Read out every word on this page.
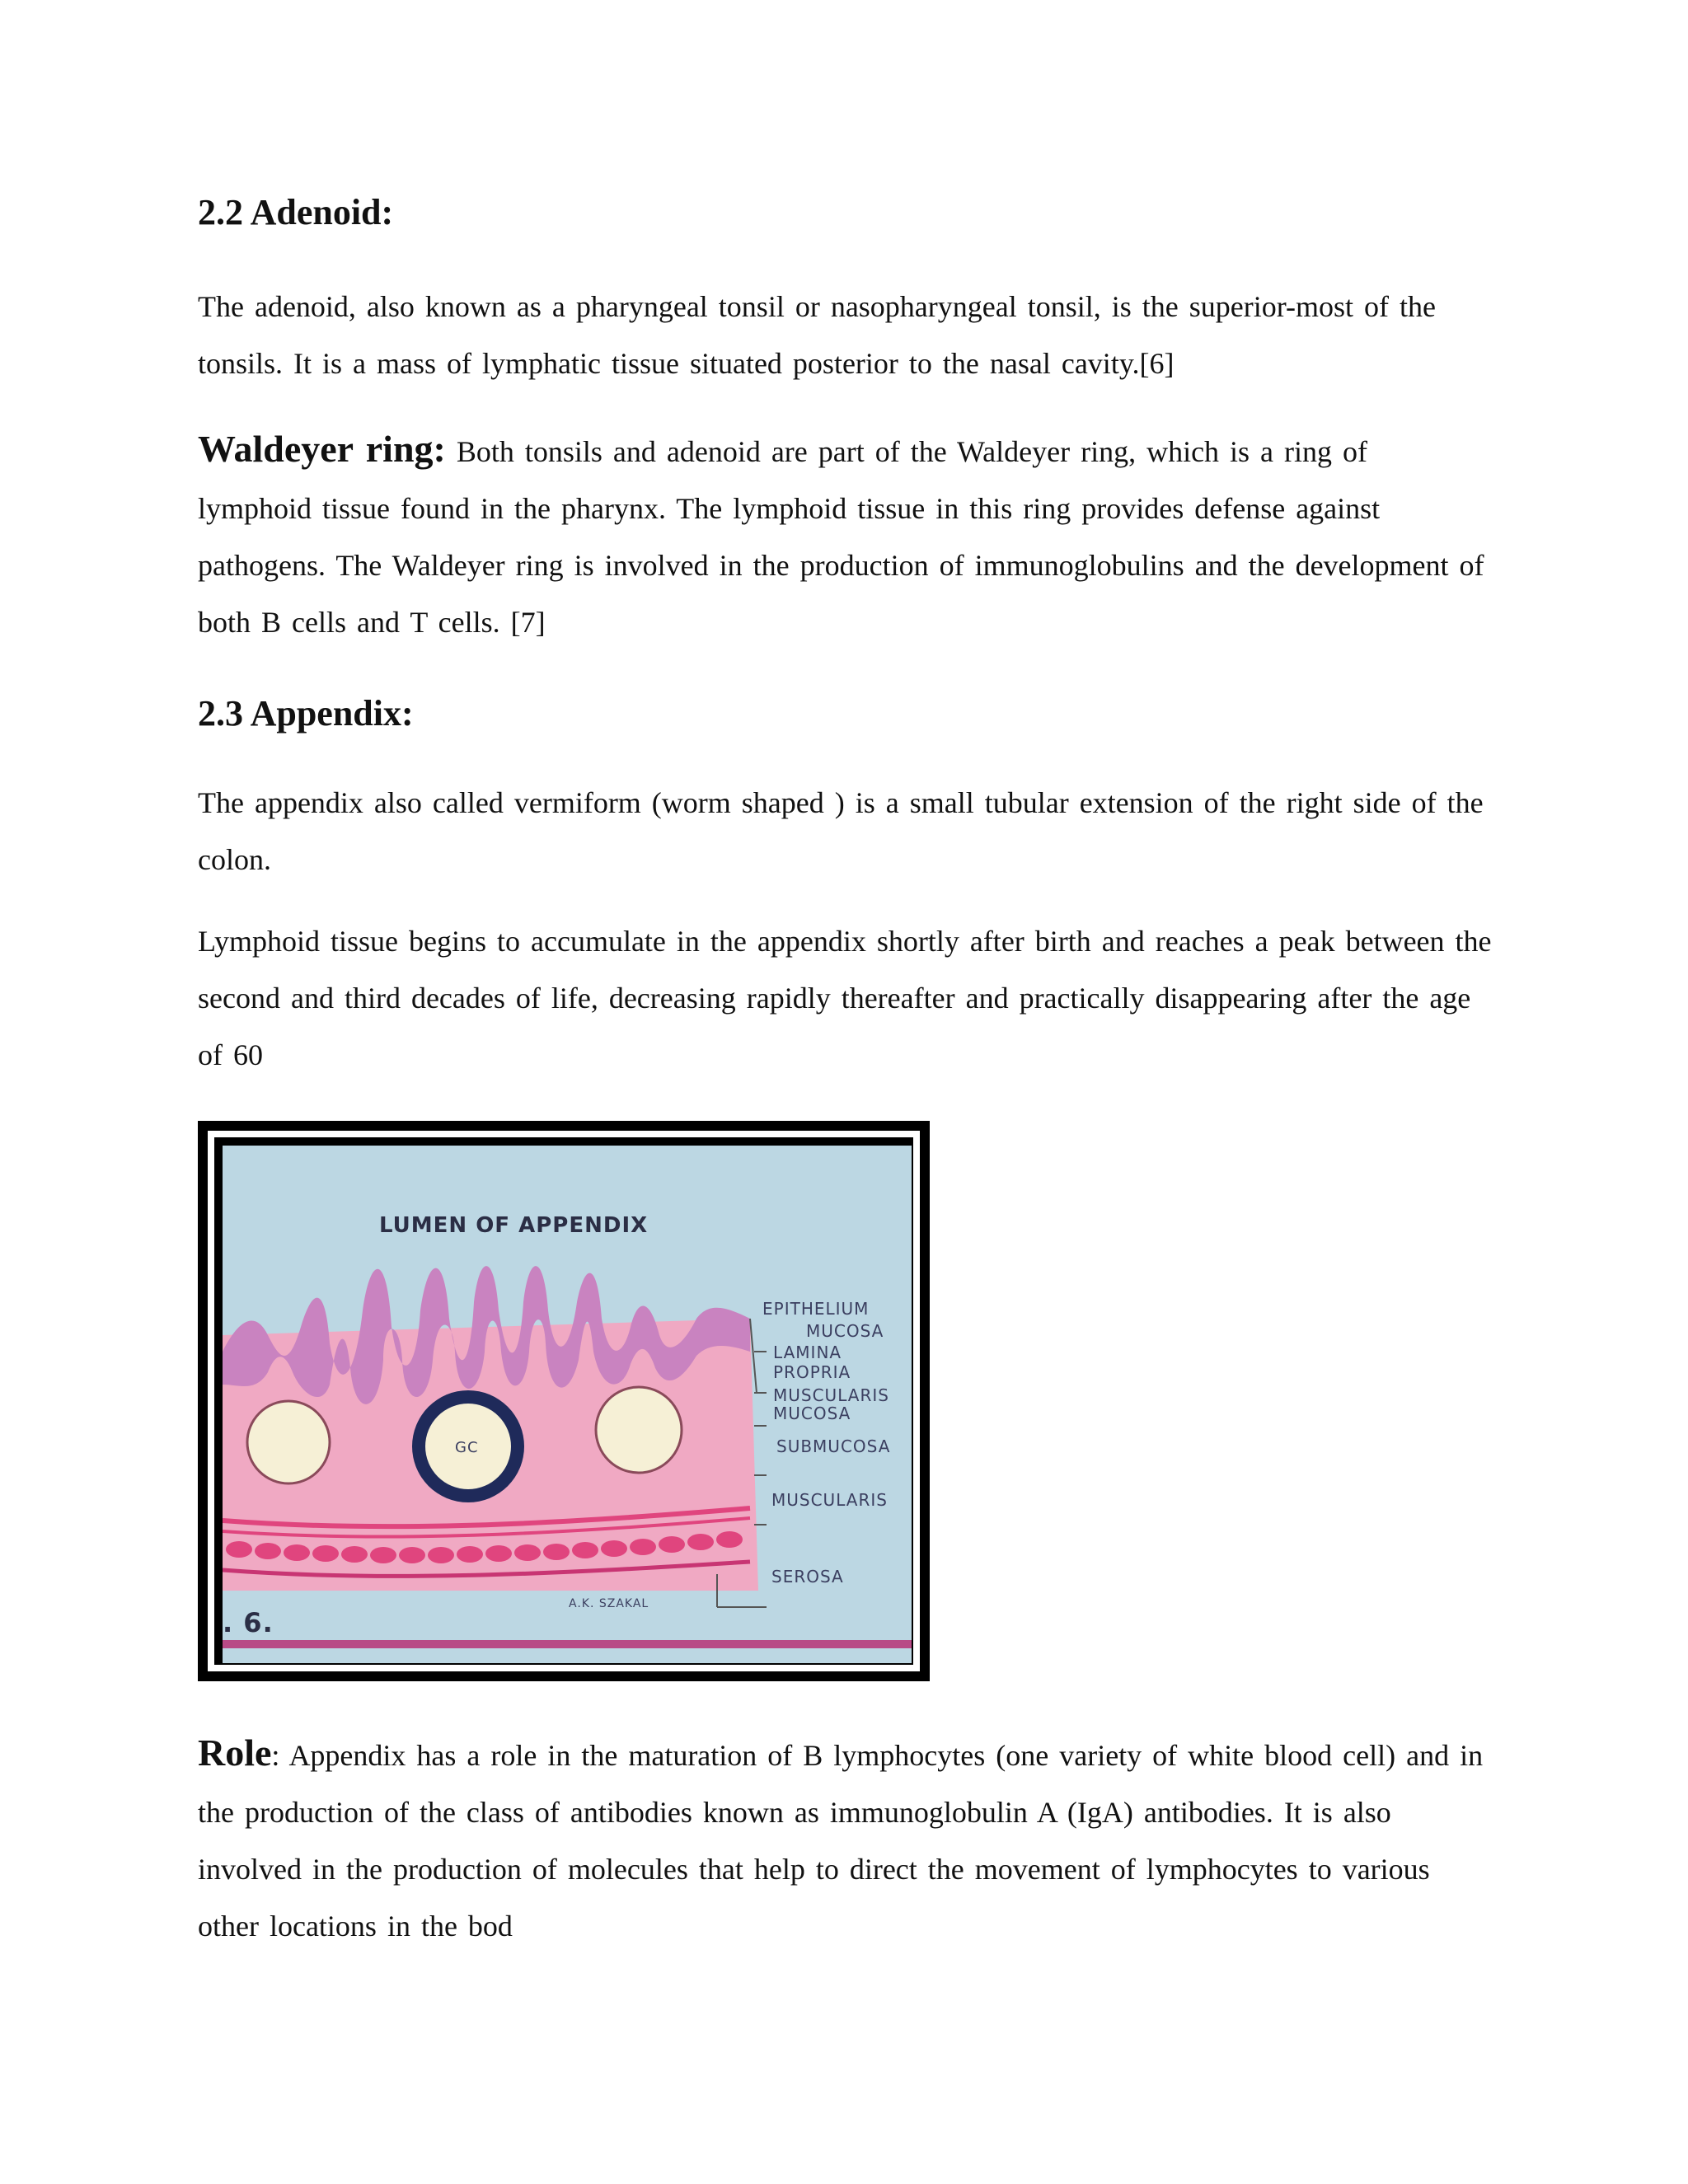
2.2 Adenoid:

The adenoid, also known as a pharyngeal tonsil or nasopharyngeal tonsil, is the superior-most of the tonsils. It is a mass of lymphatic tissue situated posterior to the nasal cavity.[6]

Waldeyer ring: Both tonsils and adenoid are part of the Waldeyer ring, which is a ring of lymphoid tissue found in the pharynx. The lymphoid tissue in this ring provides defense against pathogens. The Waldeyer ring is involved in the production of immunoglobulins and the development of both B cells and T cells. [7]

2.3 Appendix:

The appendix also called vermiform (worm shaped ) is a small tubular extension of the right side of the colon.

Lymphoid tissue begins to accumulate in the appendix shortly after birth and reaches a peak between the second and third decades of life, decreasing rapidly thereafter and practically disappearing after the age of 60

LUMEN OF APPENDIX
GC
A.K. SZAKAL
. 6.
EPITHELIUM
MUCOSA
LAMINA
PROPRIA
MUSCULARIS
MUCOSA
SUBMUCOSA
MUSCULARIS
SEROSA

Role: Appendix has a role in the maturation of B lymphocytes (one variety of white blood cell) and in the production of the class of antibodies known as immunoglobulin A (IgA) antibodies. It is also involved in the production of molecules that help to direct the movement of lymphocytes to various other locations in the bod
